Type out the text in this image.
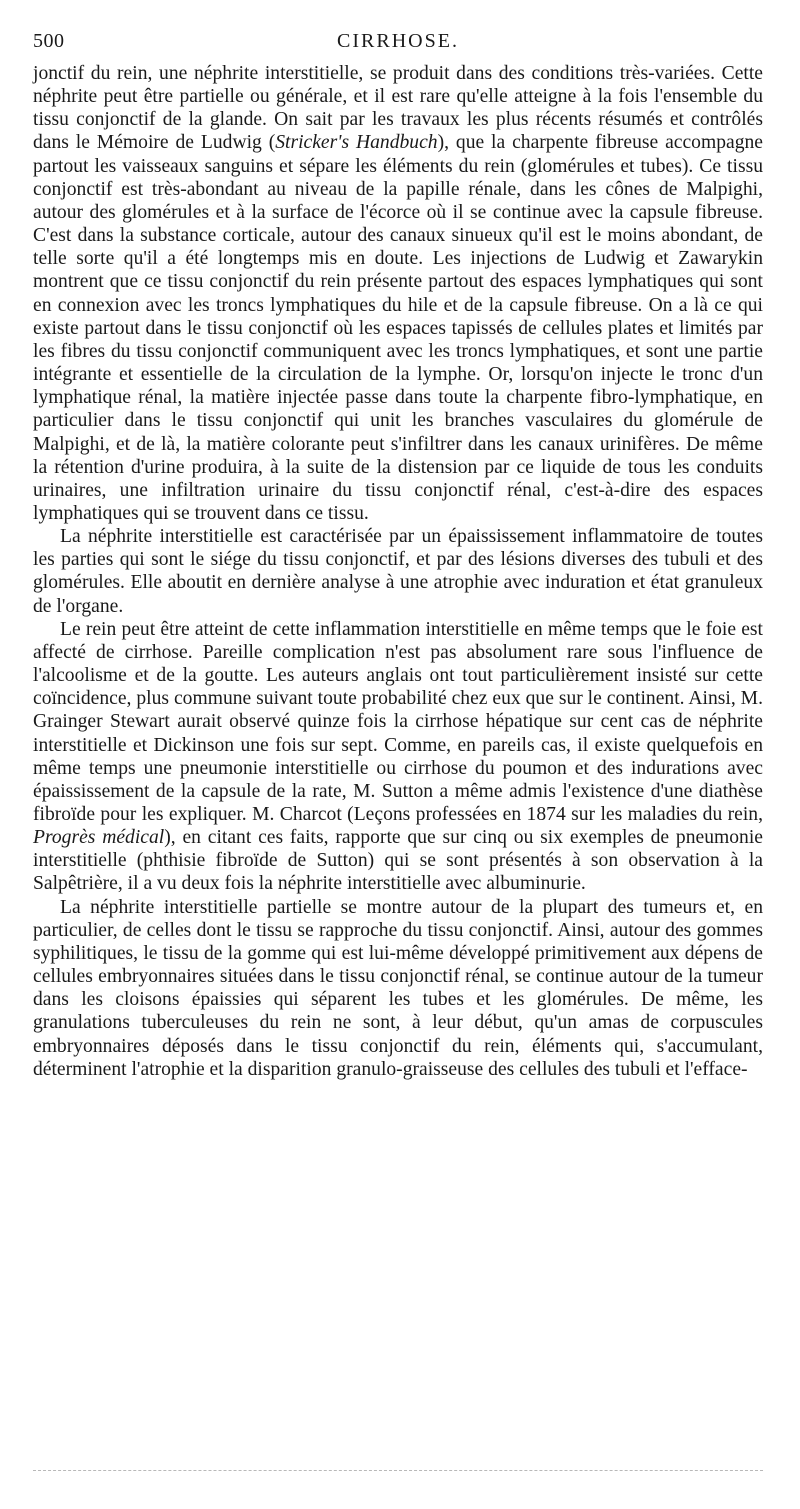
500	CIRRHOSE.

jonctif du rein, une néphrite interstitielle, se produit dans des conditions très-variées. Cette néphrite peut être partielle ou générale, et il est rare qu'elle atteigne à la fois l'ensemble du tissu conjonctif de la glande. On sait par les travaux les plus récents résumés et contrôlés dans le Mémoire de Ludwig (Stricker's Handbuch), que la charpente fibreuse accompagne partout les vaisseaux sanguins et sépare les éléments du rein (glomérules et tubes). Ce tissu conjonctif est très-abondant au niveau de la papille rénale, dans les cônes de Malpighi, autour des glomérules et à la surface de l'écorce où il se continue avec la capsule fibreuse. C'est dans la substance corticale, autour des canaux sinueux qu'il est le moins abondant, de telle sorte qu'il a été longtemps mis en doute. Les injections de Ludwig et Zawarykin montrent que ce tissu conjonctif du rein présente partout des espaces lymphatiques qui sont en connexion avec les troncs lymphatiques du hile et de la capsule fibreuse. On a là ce qui existe partout dans le tissu conjonctif où les espaces tapissés de cellules plates et limités par les fibres du tissu conjonctif communiquent avec les troncs lymphatiques, et sont une partie intégrante et essentielle de la circulation de la lymphe. Or, lorsqu'on injecte le tronc d'un lymphatique rénal, la matière injectée passe dans toute la charpente fibro-lymphatique, en particulier dans le tissu conjonctif qui unit les branches vasculaires du glomérule de Malpighi, et de là, la matière colorante peut s'infiltrer dans les canaux urinifères. De même la rétention d'urine produira, à la suite de la distension par ce liquide de tous les conduits urinaires, une infiltration urinaire du tissu conjonctif rénal, c'est-à-dire des espaces lymphatiques qui se trouvent dans ce tissu.

La néphrite interstitielle est caractérisée par un épaississement inflammatoire de toutes les parties qui sont le siége du tissu conjonctif, et par des lésions diverses des tubuli et des glomérules. Elle aboutit en dernière analyse à une atrophie avec induration et état granuleux de l'organe.

Le rein peut être atteint de cette inflammation interstitielle en même temps que le foie est affecté de cirrhose. Pareille complication n'est pas absolument rare sous l'influence de l'alcoolisme et de la goutte. Les auteurs anglais ont tout particulièrement insisté sur cette coïncidence, plus commune suivant toute probabilité chez eux que sur le continent. Ainsi, M. Grainger Stewart aurait observé quinze fois la cirrhose hépatique sur cent cas de néphrite interstitielle et Dickinson une fois sur sept. Comme, en pareils cas, il existe quelquefois en même temps une pneumonie interstitielle ou cirrhose du poumon et des indurations avec épaississement de la capsule de la rate, M. Sutton a même admis l'existence d'une diathèse fibroïde pour les expliquer. M. Charcot (Leçons professées en 1874 sur les maladies du rein, Progrès médical), en citant ces faits, rapporte que sur cinq ou six exemples de pneumonie interstitielle (phthisie fibroïde de Sutton) qui se sont présentés à son observation à la Salpêtrière, il a vu deux fois la néphrite interstitielle avec albuminurie.

La néphrite interstitielle partielle se montre autour de la plupart des tumeurs et, en particulier, de celles dont le tissu se rapproche du tissu conjonctif. Ainsi, autour des gommes syphilitiques, le tissu de la gomme qui est lui-même développé primitivement aux dépens de cellules embryonnaires situées dans le tissu conjonctif rénal, se continue autour de la tumeur dans les cloisons épaissies qui séparent les tubes et les glomérules. De même, les granulations tuberculeuses du rein ne sont, à leur début, qu'un amas de corpuscules embryonnaires déposés dans le tissu conjonctif du rein, éléments qui, s'accumulant, déterminent l'atrophie et la disparition granulo-graisseuse des cellules des tubuli et l'efface-
